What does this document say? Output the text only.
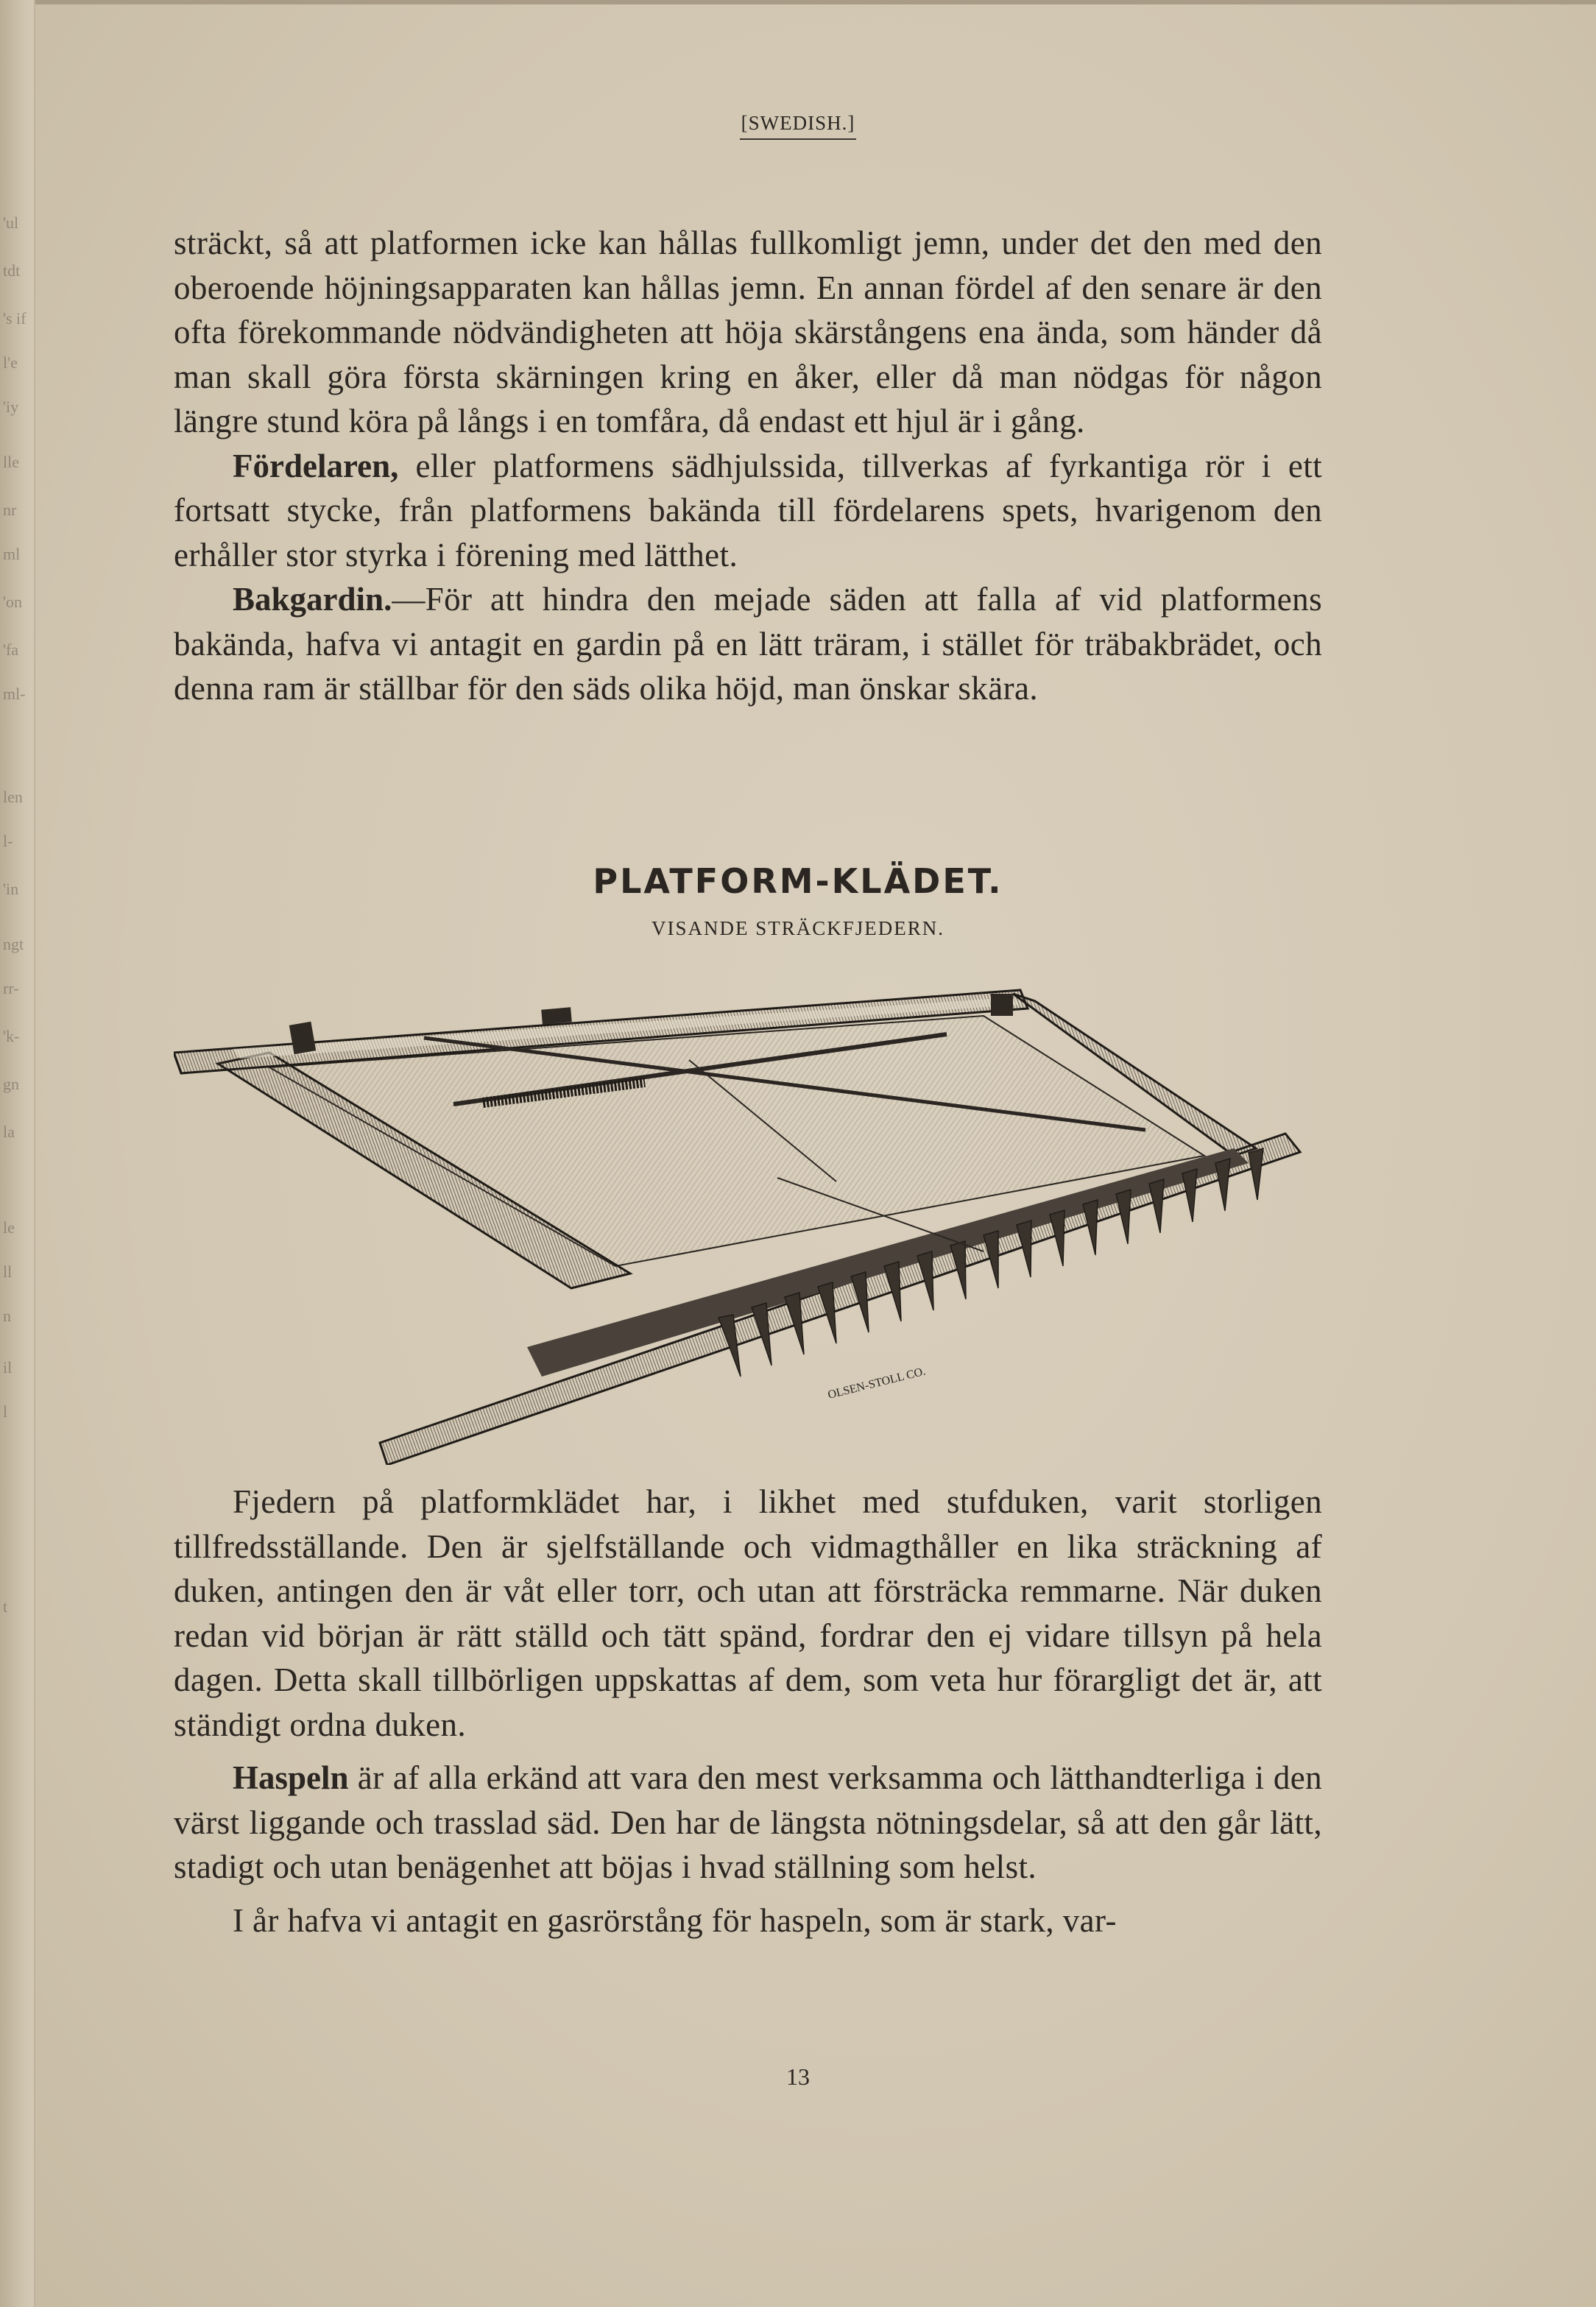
'ul
tdt
's if
l'e
'iy
lle
nr
ml
'on
'fa
ml-
len
l-
'in
ngt
rr-
'k-
gn
la
le
ll
n
il
l
t
[SWEDISH.]

sträckt, så att platformen icke kan hållas fullkomligt jemn, under det den med den oberoende höjningsapparaten kan hållas jemn. En annan fördel af den senare är den ofta förekommande nödvändigheten att höja skärstångens ena ända, som händer då man skall göra första skärningen kring en åker, eller då man nödgas för någon längre stund köra på långs i en tomfåra, då endast ett hjul är i gång.

Fördelaren, eller platformens sädhjulssida, tillverkas af fyrkantiga rör i ett fortsatt stycke, från platformens bakända till fördelarens spets, hvarigenom den erhåller stor styrka i förening med lätthet.

Bakgardin.—För att hindra den mejade säden att falla af vid platformens bakända, hafva vi antagit en gardin på en lätt träram, i stället för träbakbrädet, och denna ram är ställbar för den säds olika höjd, man önskar skära.

PLATFORM-KLÄDET.
VISANDE STRÄCKFJEDERN.
OLSEN-STOLL CO.

Fjedern på platformklädet har, i likhet med stufduken, varit storligen tillfredsställande. Den är sjelfställande och vidmagthåller en lika sträckning af duken, antingen den är våt eller torr, och utan att försträcka remmarne. När duken redan vid början är rätt ställd och tätt spänd, fordrar den ej vidare tillsyn på hela dagen. Detta skall tillbörligen uppskattas af dem, som veta hur förargligt det är, att ständigt ordna duken.

Haspeln är af alla erkänd att vara den mest verksamma och lätthandterliga i den värst liggande och trasslad säd. Den har de längsta nötningsdelar, så att den går lätt, stadigt och utan benägenhet att böjas i hvad ställning som helst.

I år hafva vi antagit en gasrörstång för haspeln, som är stark, var-

13
